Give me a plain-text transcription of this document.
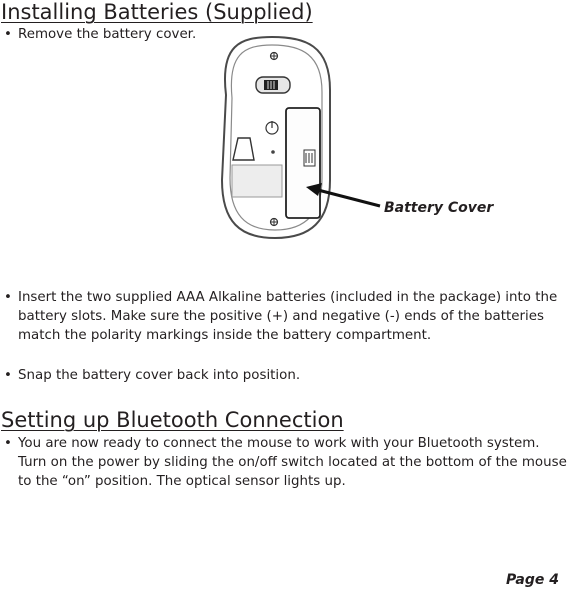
Installing Batteries (Supplied)
• Remove the battery cover.
Battery Cover
• Insert the two supplied AAA Alkaline batteries (included in the package) into the battery slots. Make sure the positive (+) and negative (-) ends of the batteries match the polarity markings inside the battery compartment.
• Snap the battery cover back into position.
Setting up Bluetooth Connection
• You are now ready to connect the mouse to work with your Bluetooth system. Turn on the power by sliding the on/off switch located at the bottom of the mouse to the “on” position. The optical sensor lights up.
Page 4
